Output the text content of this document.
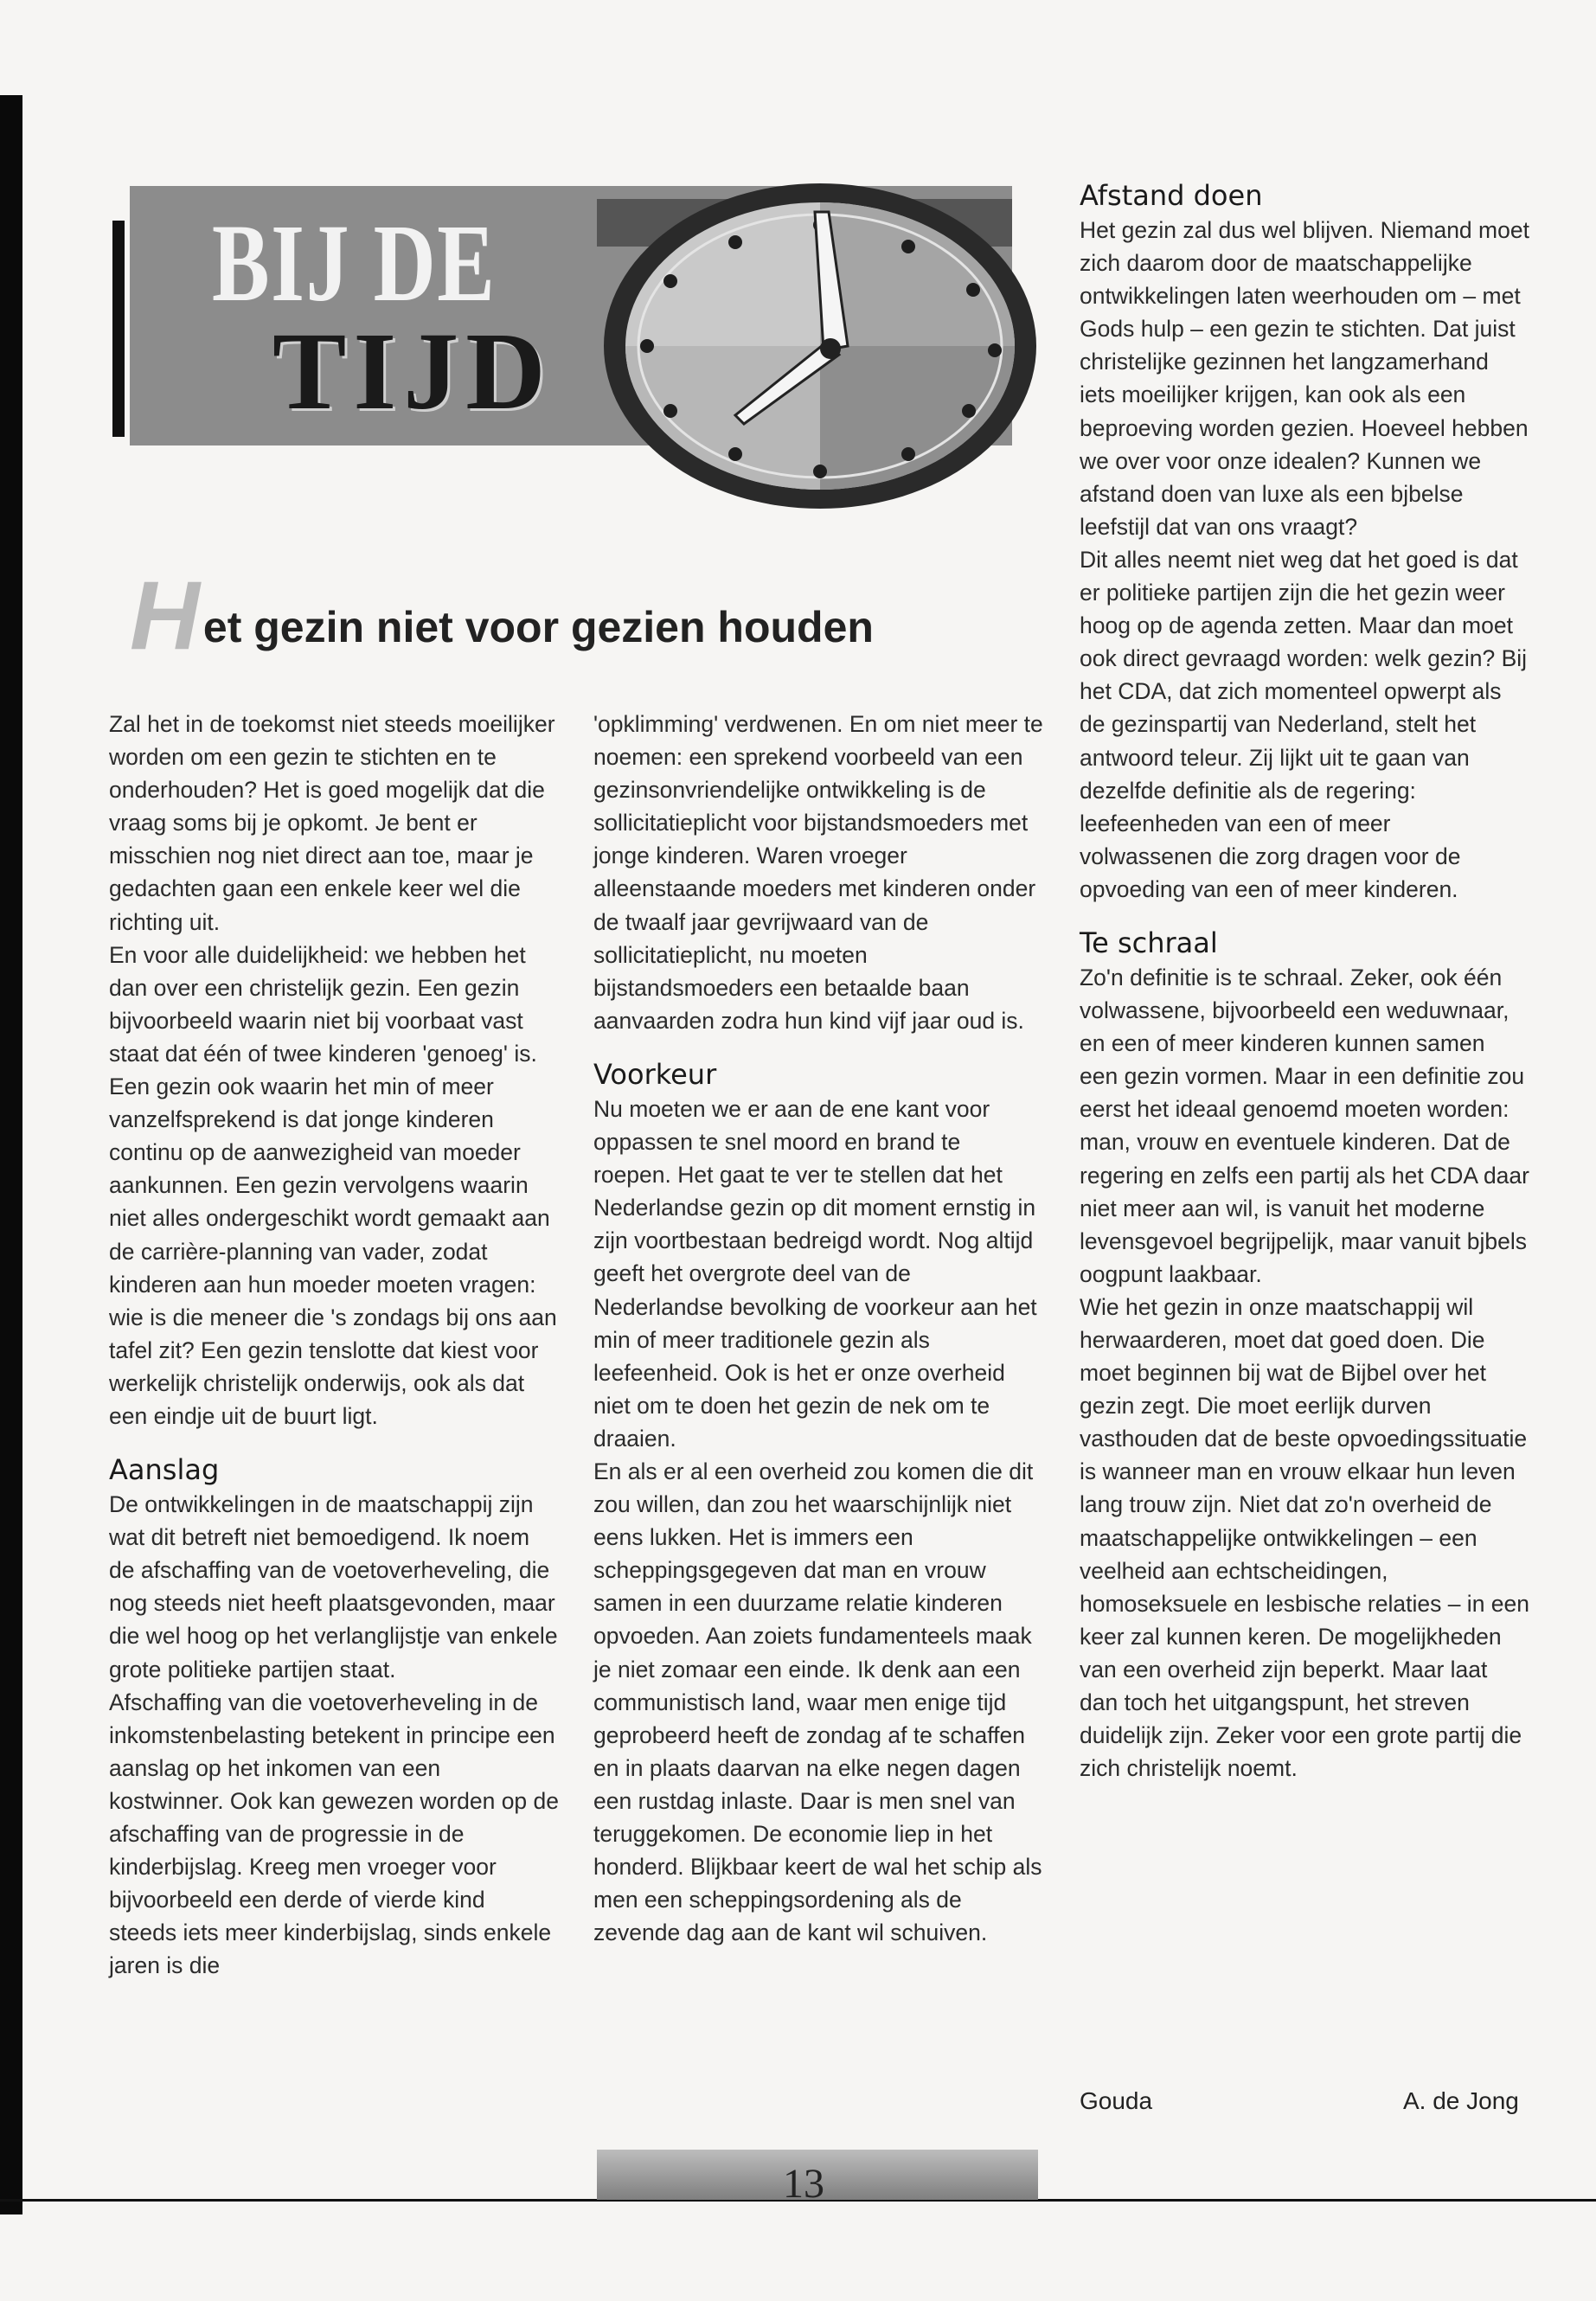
BIJ DE
TIJD
Het gezin niet voor gezien houden

Zal het in de toekomst niet steeds moeilijker worden om een gezin te stichten en te onderhouden? Het is goed mogelijk dat die vraag soms bij je opkomt. Je bent er misschien nog niet direct aan toe, maar je gedachten gaan een enkele keer wel die richting uit.

En voor alle duidelijkheid: we hebben het dan over een christelijk gezin. Een gezin bijvoorbeeld waarin niet bij voorbaat vast staat dat één of twee kinderen 'genoeg' is. Een gezin ook waarin het min of meer vanzelfsprekend is dat jonge kinderen continu op de aanwezigheid van moeder aankunnen. Een gezin vervolgens waarin niet alles ondergeschikt wordt gemaakt aan de carrière-planning van vader, zodat kinderen aan hun moeder moeten vragen: wie is die meneer die 's zondags bij ons aan tafel zit? Een gezin tenslotte dat kiest voor werkelijk christelijk onderwijs, ook als dat een eindje uit de buurt ligt.

Aanslag

De ontwikkelingen in de maatschappij zijn wat dit betreft niet bemoedigend. Ik noem de afschaffing van de voetoverheveling, die nog steeds niet heeft plaatsgevonden, maar die wel hoog op het verlanglijstje van enkele grote politieke partijen staat.

Afschaffing van die voetoverheveling in de inkomstenbelasting betekent in principe een aanslag op het inkomen van een kostwinner. Ook kan gewezen worden op de afschaffing van de progressie in de kinderbijslag. Kreeg men vroeger voor bijvoorbeeld een derde of vierde kind steeds iets meer kinderbijslag, sinds enkele jaren is die

'opklimming' verdwenen. En om niet meer te noemen: een sprekend voorbeeld van een gezinsonvriendelijke ontwikkeling is de sollicitatieplicht voor bijstandsmoeders met jonge kinderen. Waren vroeger alleenstaande moeders met kinderen onder de twaalf jaar gevrijwaard van de sollicitatieplicht, nu moeten bijstandsmoeders een betaalde baan aanvaarden zodra hun kind vijf jaar oud is.

Voorkeur

Nu moeten we er aan de ene kant voor oppassen te snel moord en brand te roepen. Het gaat te ver te stellen dat het Nederlandse gezin op dit moment ernstig in zijn voortbestaan bedreigd wordt. Nog altijd geeft het overgrote deel van de Nederlandse bevolking de voorkeur aan het min of meer traditionele gezin als leefeenheid. Ook is het er onze overheid niet om te doen het gezin de nek om te draaien.

En als er al een overheid zou komen die dit zou willen, dan zou het waarschijnlijk niet eens lukken. Het is immers een scheppingsgegeven dat man en vrouw samen in een duurzame relatie kinderen opvoeden. Aan zoiets fundamenteels maak je niet zomaar een einde. Ik denk aan een communistisch land, waar men enige tijd geprobeerd heeft de zondag af te schaffen en in plaats daarvan na elke negen dagen een rustdag inlaste. Daar is men snel van teruggekomen. De economie liep in het honderd. Blijkbaar keert de wal het schip als men een scheppingsordening als de zevende dag aan de kant wil schuiven.

Afstand doen

Het gezin zal dus wel blijven. Niemand moet zich daarom door de maatschappelijke ontwikkelingen laten weerhouden om – met Gods hulp – een gezin te stichten. Dat juist christelijke gezinnen het langzamerhand iets moeilijker krijgen, kan ook als een beproeving worden gezien. Hoeveel hebben we over voor onze idealen? Kunnen we afstand doen van luxe als een bjbelse leefstijl dat van ons vraagt?

Dit alles neemt niet weg dat het goed is dat er politieke partijen zijn die het gezin weer hoog op de agenda zetten. Maar dan moet ook direct gevraagd worden: welk gezin? Bij het CDA, dat zich momenteel opwerpt als de gezinspartij van Nederland, stelt het antwoord teleur. Zij lijkt uit te gaan van dezelfde definitie als de regering: leefeenheden van een of meer volwassenen die zorg dragen voor de opvoeding van een of meer kinderen.

Te schraal

Zo'n definitie is te schraal. Zeker, ook één volwassene, bijvoorbeeld een weduwnaar, en een of meer kinderen kunnen samen een gezin vormen. Maar in een definitie zou eerst het ideaal genoemd moeten worden: man, vrouw en eventuele kinderen. Dat de regering en zelfs een partij als het CDA daar niet meer aan wil, is vanuit het moderne levensgevoel begrijpelijk, maar vanuit bjbels oogpunt laakbaar.

Wie het gezin in onze maatschappij wil herwaarderen, moet dat goed doen. Die moet beginnen bij wat de Bijbel over het gezin zegt. Die moet eerlijk durven vasthouden dat de beste opvoedingssituatie is wanneer man en vrouw elkaar hun leven lang trouw zijn. Niet dat zo'n overheid de maatschappelijke ontwikkelingen – een veelheid aan echtscheidingen, homoseksuele en lesbische relaties – in een keer zal kunnen keren. De mogelijkheden van een overheid zijn beperkt. Maar laat dan toch het uitgangspunt, het streven duidelijk zijn. Zeker voor een grote partij die zich christelijk noemt.

Gouda	A. de Jong
13
